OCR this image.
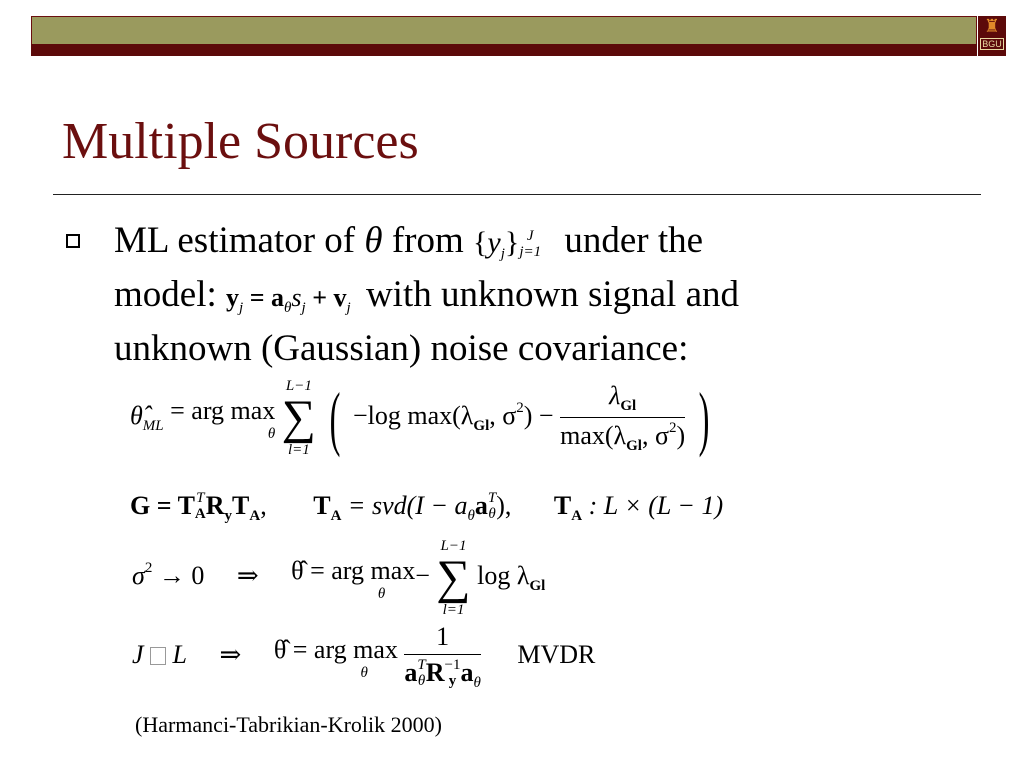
♜
BGU
Multiple Sources
ML estimator of θ from $\{y_j\}$ J
j=1 under the
model: $y_j = a_\theta s_j + v_j$ with unknown signal and
unknown (Gaussian) noise covariance:
$\thetâ_{ML}$
= arg max
θ

L−1
∑
l=1 ( −log $\max(\lambda_{Gl}$, $\sigma^2) - \frac{\lambda_{Gl}}{\max(\lambda_{Gl}, \sigma^2)}$ )
G = T T
A $R_yT_A$, $T_A = svd(I - a_\theta a$ T
θ ), $T_A$ : L × (L − 1)
$\sigma^2 \to 0$ ⇒ θ̂ = arg max
θ
−
L−1
∑
l=1
$\log \lambda_{Gl}$
J L ⇒ θ̂ = arg max
θ
	1
a T
θ R −1
y $a_\theta$ MVDR
(Harmanci-Tabrikian-Krolik 2000)
